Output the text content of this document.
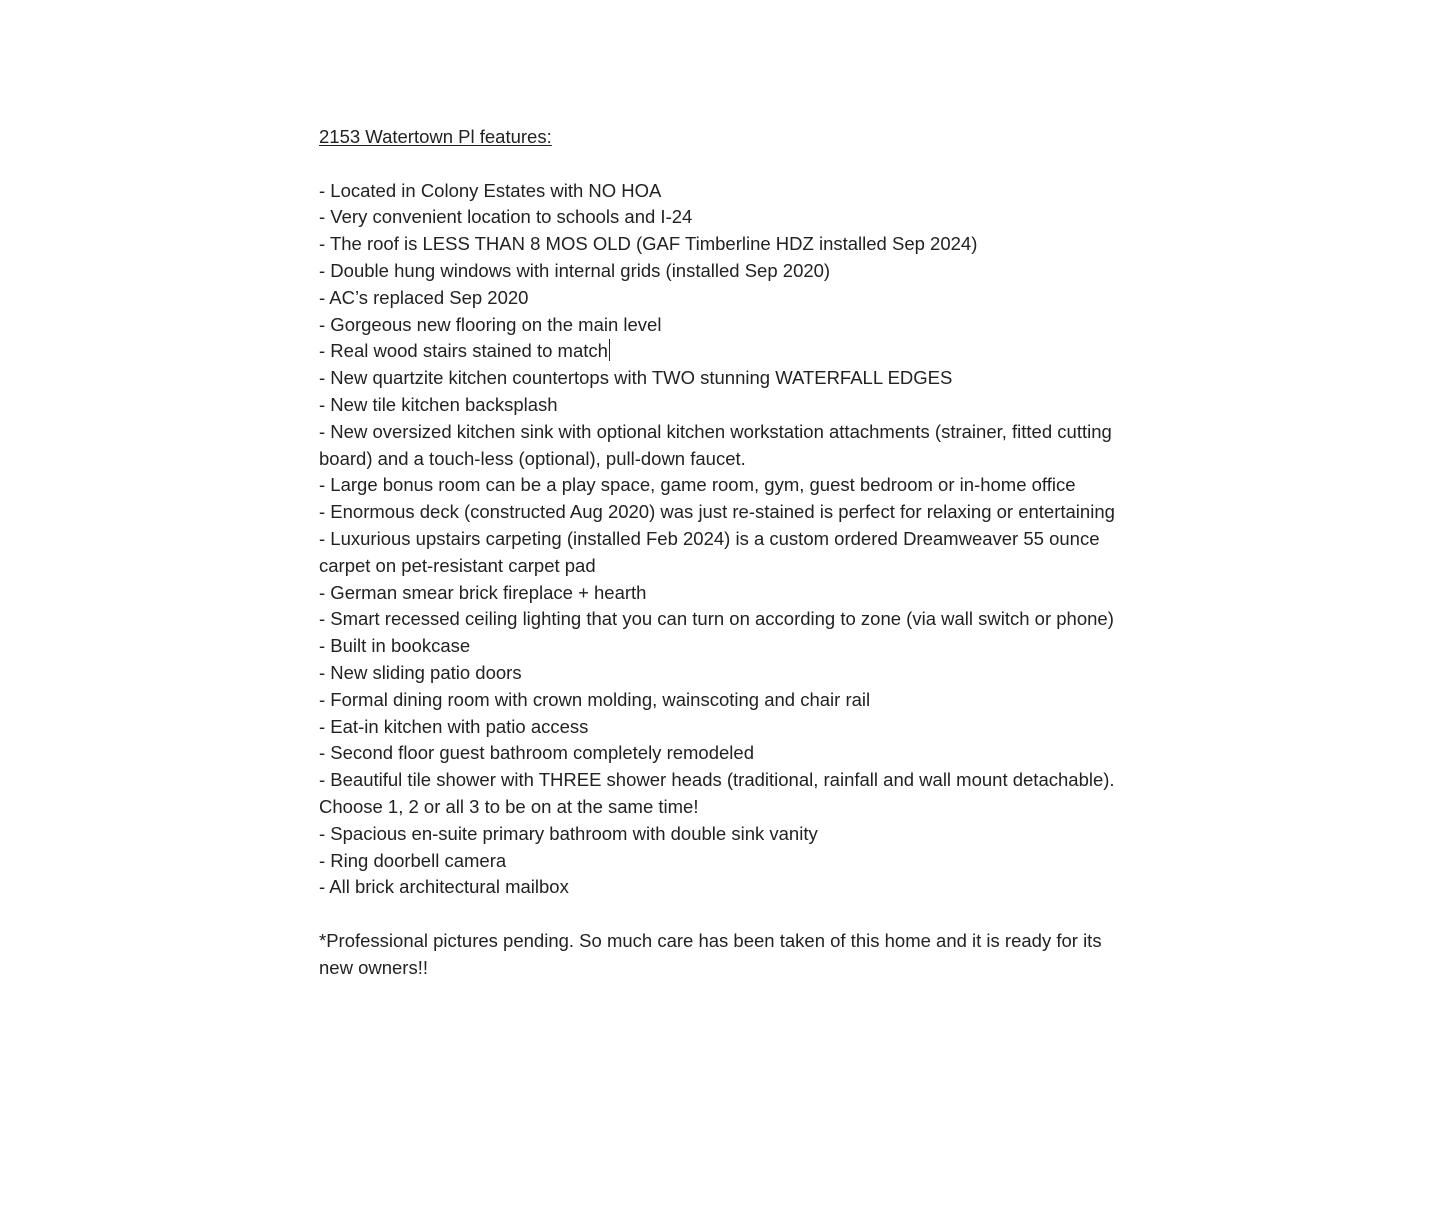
2153 Watertown Pl features:

- Located in Colony Estates with NO HOA
- Very convenient location to schools and I-24
- The roof is LESS THAN 8 MOS OLD (GAF Timberline HDZ installed Sep 2024)
- Double hung windows with internal grids (installed Sep 2020)
- AC’s replaced Sep 2020
- Gorgeous new flooring on the main level
- Real wood stairs stained to match
- New quartzite kitchen countertops with TWO stunning WATERFALL EDGES
- New tile kitchen backsplash
- New oversized kitchen sink with optional kitchen workstation attachments (strainer, fitted cutting board) and a touch-less (optional), pull-down faucet.
- Large bonus room can be a play space, game room, gym, guest bedroom or in-home office
- Enormous deck (constructed Aug 2020) was just re-stained is perfect for relaxing or entertaining
- Luxurious upstairs carpeting (installed Feb 2024) is a custom ordered Dreamweaver 55 ounce carpet on pet-resistant carpet pad
- German smear brick fireplace + hearth
- Smart recessed ceiling lighting that you can turn on according to zone (via wall switch or phone)
- Built in bookcase
- New sliding patio doors
- Formal dining room with crown molding, wainscoting and chair rail
- Eat-in kitchen with patio access
- Second floor guest bathroom completely remodeled
- Beautiful tile shower with THREE shower heads (traditional, rainfall and wall mount detachable). Choose 1, 2 or all 3 to be on at the same time!
- Spacious en-suite primary bathroom with double sink vanity
- Ring doorbell camera
- All brick architectural mailbox

*Professional pictures pending. So much care has been taken of this home and it is ready for its new owners!!
